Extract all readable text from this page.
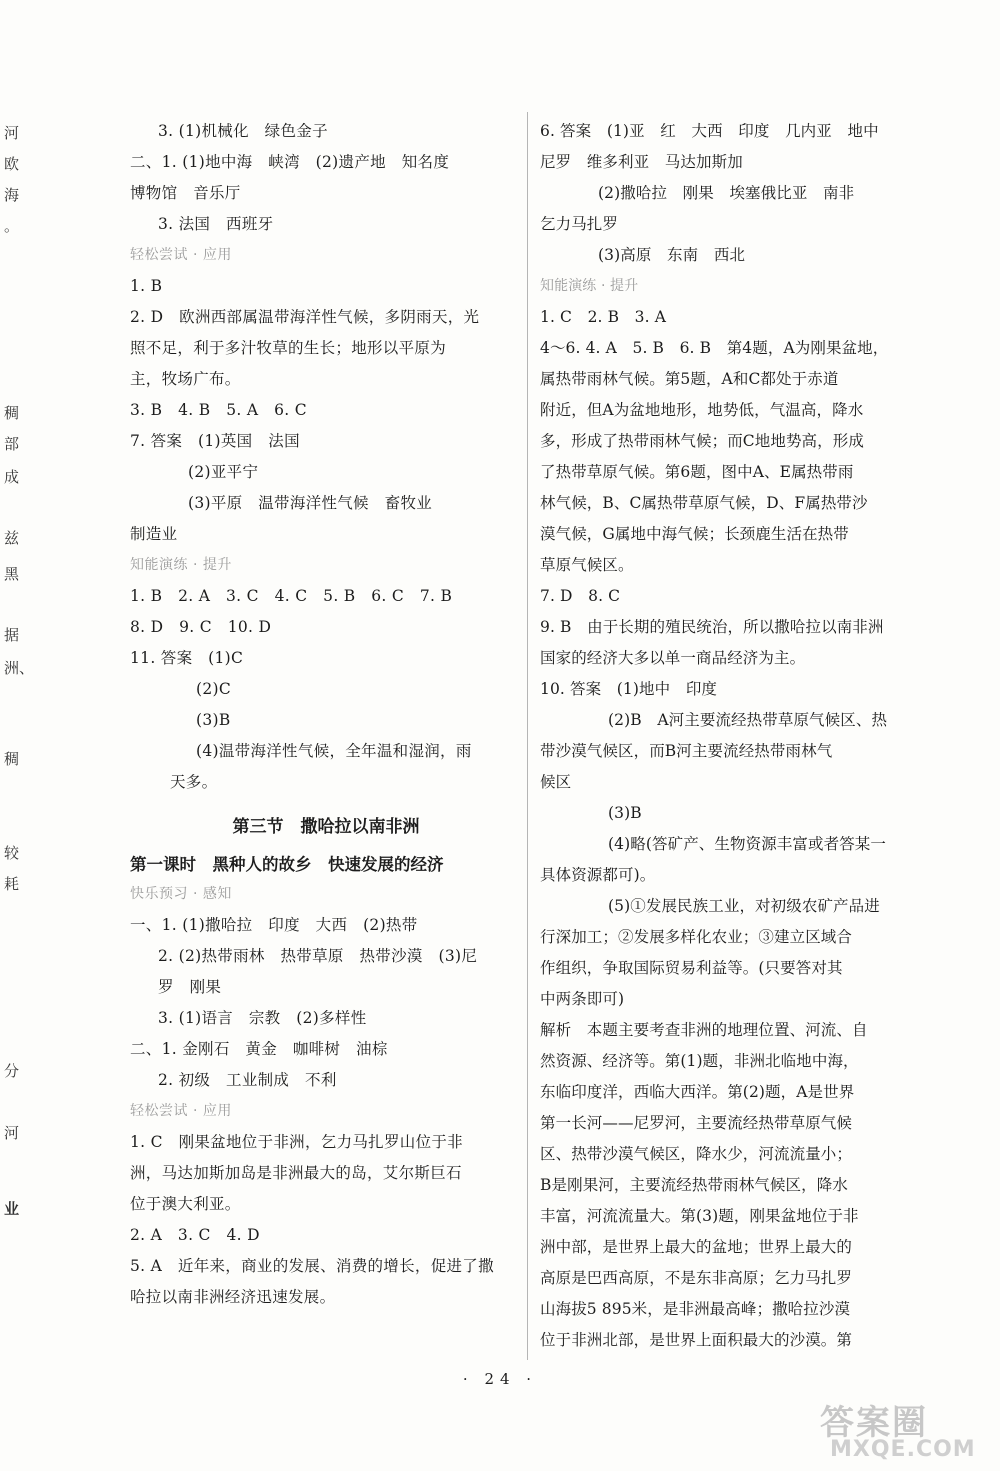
河
欧
海
。
稠
部
成
兹
黑
据
洲、
稠
较
耗
分
河
业
3. (1)机械化　绿色金子
二、1. (1)地中海　峡湾　(2)遗产地　知名度
博物馆　音乐厅
3. 法国　西班牙
轻松尝试 · 应用
1. B
2. D　欧洲西部属温带海洋性气候，多阴雨天，光
照不足，利于多汁牧草的生长；地形以平原为
主，牧场广布。
3. B　4. B　5. A　6. C
7. 答案　(1)英国　法国
(2)亚平宁
(3)平原　温带海洋性气候　畜牧业
制造业
知能演练 · 提升
1. B　2. A　3. C　4. C　5. B　6. C　7. B
8. D　9. C　10. D
11. 答案　(1)C
(2)C
(3)B
(4)温带海洋性气候，全年温和湿润，雨
天多。
第三节　撒哈拉以南非洲
第一课时　黑种人的故乡　快速发展的经济
快乐预习 · 感知
一、1. (1)撒哈拉　印度　大西　(2)热带
2. (2)热带雨林　热带草原　热带沙漠　(3)尼
罗　刚果
3. (1)语言　宗教　(2)多样性
二、1. 金刚石　黄金　咖啡树　油棕
2. 初级　工业制成　不利
轻松尝试 · 应用
1. C　刚果盆地位于非洲，乞力马扎罗山位于非
洲，马达加斯加岛是非洲最大的岛，艾尔斯巨石
位于澳大利亚。
2. A　3. C　4. D
5. A　近年来，商业的发展、消费的增长，促进了撒
哈拉以南非洲经济迅速发展。
6. 答案　(1)亚　红　大西　印度　几内亚　地中
尼罗　维多利亚　马达加斯加
(2)撒哈拉　刚果　埃塞俄比亚　南非
乞力马扎罗
(3)高原　东南　西北
知能演练 · 提升
1. C　2. B　3. A
4～6. 4. A　5. B　6. B　第4题，A为刚果盆地，
属热带雨林气候。第5题，A和C都处于赤道
附近，但A为盆地地形，地势低，气温高，降水
多，形成了热带雨林气候；而C地地势高，形成
了热带草原气候。第6题，图中A、E属热带雨
林气候，B、C属热带草原气候，D、F属热带沙
漠气候，G属地中海气候；长颈鹿生活在热带
草原气候区。
7. D　8. C
9. B　由于长期的殖民统治，所以撒哈拉以南非洲
国家的经济大多以单一商品经济为主。
10. 答案　(1)地中　印度
(2)B　A河主要流经热带草原气候区、热
带沙漠气候区，而B河主要流经热带雨林气
候区
(3)B
(4)略(答矿产、生物资源丰富或者答某一
具体资源都可)。
(5)①发展民族工业，对初级农矿产品进
行深加工；②发展多样化农业；③建立区域合
作组织，争取国际贸易利益等。(只要答对其
中两条即可)
解析　本题主要考查非洲的地理位置、河流、自
然资源、经济等。第(1)题，非洲北临地中海，
东临印度洋，西临大西洋。第(2)题，A是世界
第一长河——尼罗河，主要流经热带草原气候
区、热带沙漠气候区，降水少，河流流量小；
B是刚果河，主要流经热带雨林气候区，降水
丰富，河流流量大。第(3)题，刚果盆地位于非
洲中部，是世界上最大的盆地；世界上最大的
高原是巴西高原，不是东非高原；乞力马扎罗
山海拔5 895米，是非洲最高峰；撒哈拉沙漠
位于非洲北部，是世界上面积最大的沙漠。第
· 24 ·
答案圈
MXQE.COM
